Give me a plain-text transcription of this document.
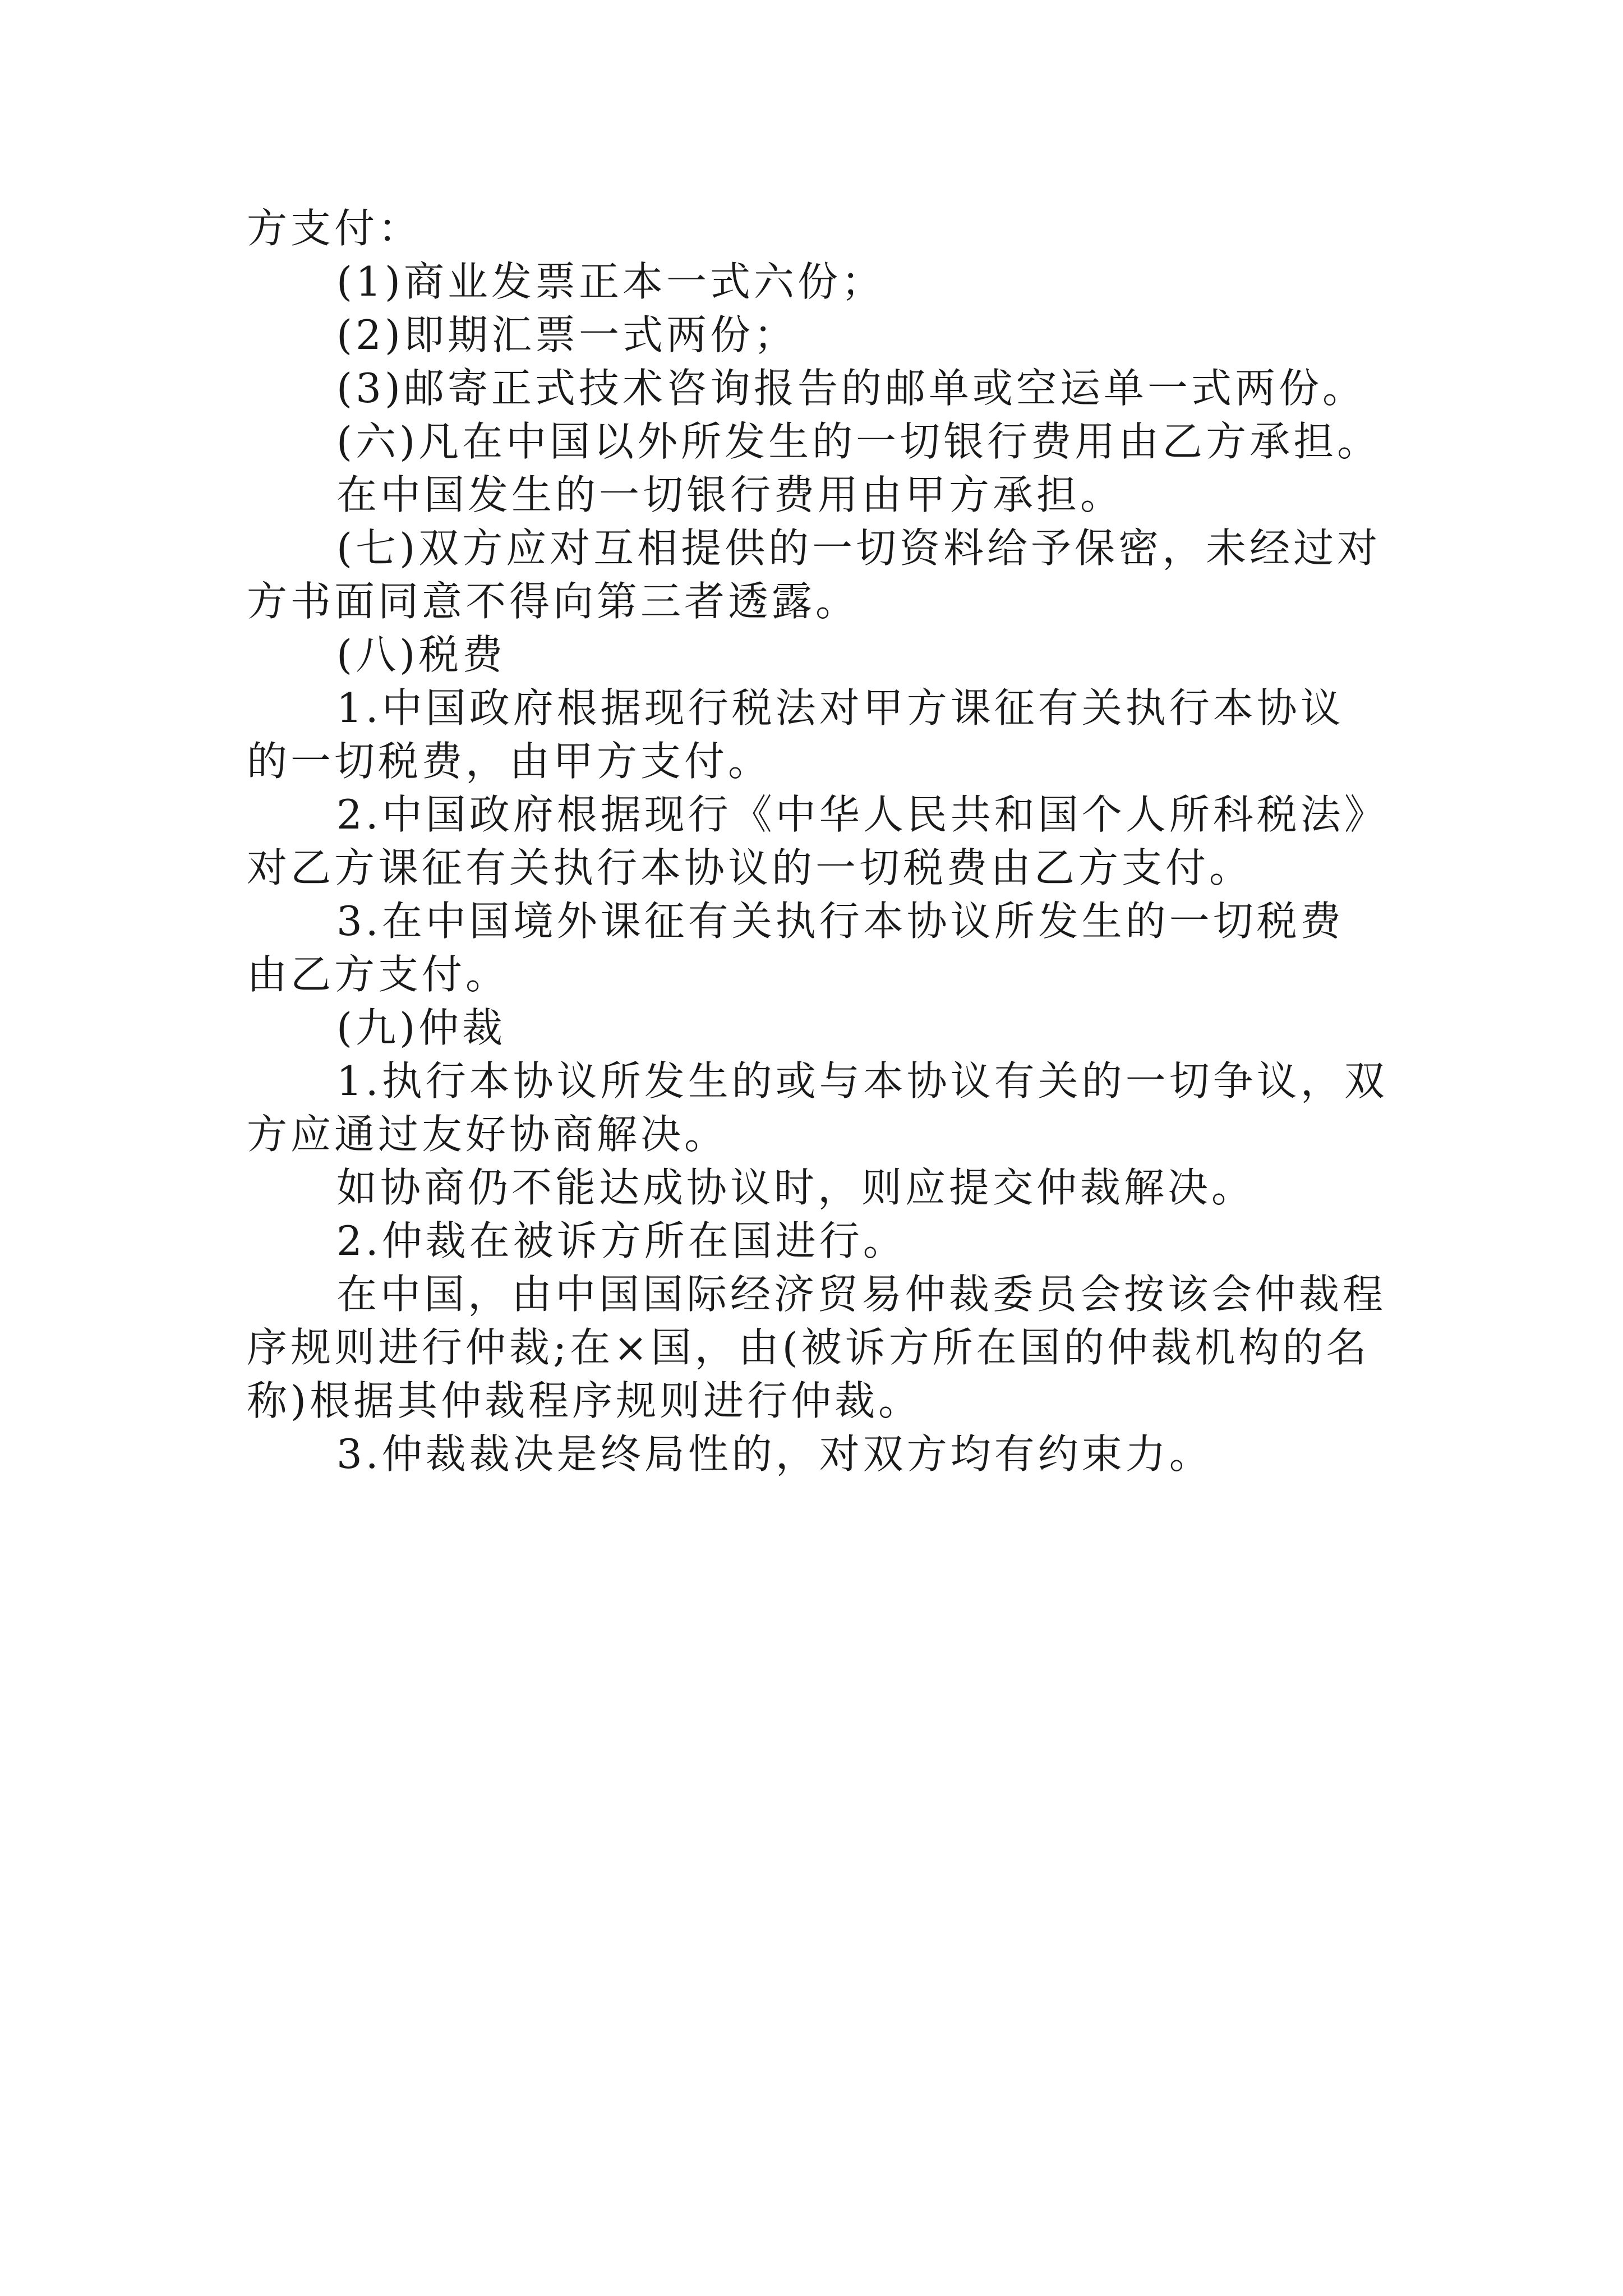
方支付：

(1)商业发票正本一式六份；

(2)即期汇票一式两份；

(3)邮寄正式技术咨询报告的邮单或空运单一式两份。

(六)凡在中国以外所发生的一切银行费用由乙方承担。

在中国发生的一切银行费用由甲方承担。

(七)双方应对互相提供的一切资料给予保密，未经过对

方书面同意不得向第三者透露。

(八)税费

1.中国政府根据现行税法对甲方课征有关执行本协议

的一切税费，由甲方支付。

2.中国政府根据现行《中华人民共和国个人所科税法》

对乙方课征有关执行本协议的一切税费由乙方支付。

3.在中国境外课征有关执行本协议所发生的一切税费

由乙方支付。

(九)仲裁

1.执行本协议所发生的或与本协议有关的一切争议，双

方应通过友好协商解决。

如协商仍不能达成协议时，则应提交仲裁解决。

2.仲裁在被诉方所在国进行。

在中国，由中国国际经济贸易仲裁委员会按该会仲裁程

序规则进行仲裁;在×国，由(被诉方所在国的仲裁机构的名

称)根据其仲裁程序规则进行仲裁。

3.仲裁裁决是终局性的，对双方均有约束力。
